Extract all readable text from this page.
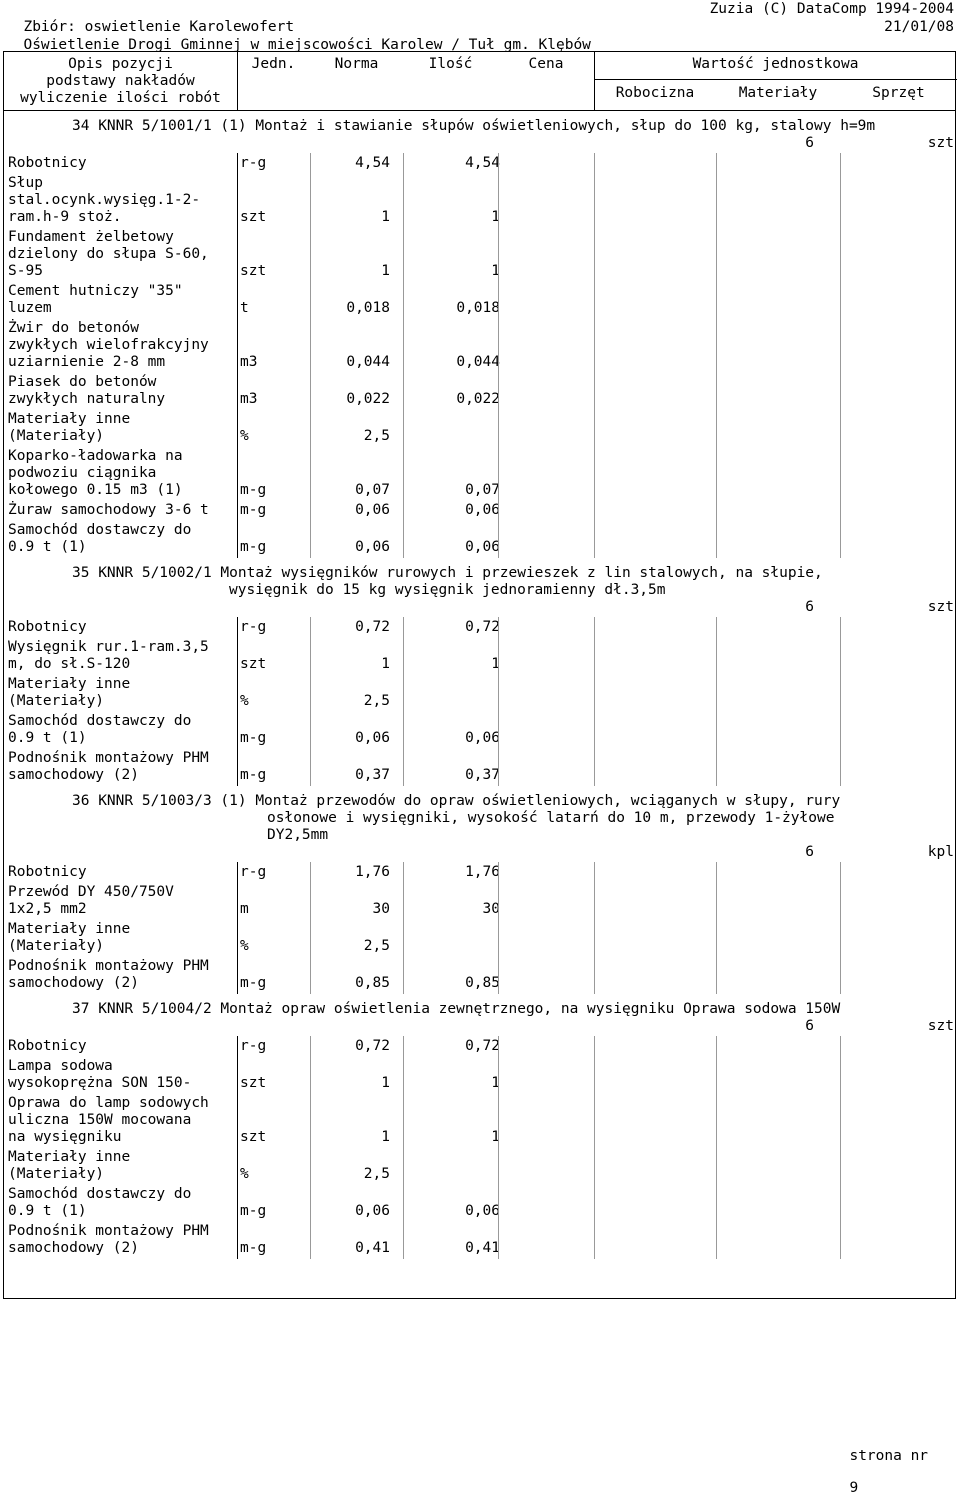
Zbiór: oswietlenie Karolewofert

Zuzia (C) DataComp 1994-2004

Oświetlenie Drogi Gminnej w miejscowości Karolew / Tuł gm. Klębów

21/01/08

Opis pozycji
podstawy nakładów
wyliczenie ilości robót
Jedn.	Norma	Ilość	Cena	Wartość jednostkowa
Robocizna	Materiały	Sprzęt
34 KNNR 5/1001/1 (1) Montaż i stawianie słupów oświetleniowych, słup do 100 kg, stalowy h=9m
6	szt
Robotnicy	r-g	4,54	4,54
Słup
stal.ocynk.wysięg.1-2-
ram.h-9 stoż.	szt	1	1
Fundament żelbetowy
dzielony do słupa S-60,
S-95	szt	1	1
Cement hutniczy "35"
luzem	t	0,018	0,018
Żwir do betonów
zwykłych wielofrakcyjny
uziarnienie 2-8 mm	m3	0,044	0,044
Piasek do betonów
zwykłych naturalny	m3	0,022	0,022
Materiały inne
(Materiały)	%	2,5
Koparko-ładowarka na
podwoziu ciągnika
kołowego 0.15 m3 (1)	m-g	0,07	0,07
Żuraw samochodowy 3-6 t m-g	0,06	0,06
Samochód dostawczy do
0.9 t (1)	m-g	0,06	0,06
35 KNNR 5/1002/1 Montaż wysięgników rurowych i przewieszek z lin stalowych, na słupie,
wysięgnik do 15 kg wysięgnik jednoramienny dł.3,5m
6	szt
Robotnicy	r-g	0,72	0,72
Wysięgnik rur.1-ram.3,5
m, do sł.S-120	szt	1	1
Materiały inne
(Materiały)	%	2,5
Samochód dostawczy do
0.9 t (1)	m-g	0,06	0,06
Podnośnik montażowy PHM
samochodowy (2)	m-g	0,37	0,37
36 KNNR 5/1003/3 (1) Montaż przewodów do opraw oświetleniowych, wciąganych w słupy, rury
osłonowe i wysięgniki, wysokość latarń do 10 m, przewody 1-żyłowe
DY2,5mm
6	kpl
Robotnicy	r-g	1,76	1,76
Przewód DY 450/750V
1x2,5 mm2	m	30	30
Materiały inne
(Materiały)	%	2,5
Podnośnik montażowy PHM
samochodowy (2)	m-g	0,85	0,85
37 KNNR 5/1004/2 Montaż opraw oświetlenia zewnętrznego, na wysięgniku Oprawa sodowa 150W
6	szt
Robotnicy	r-g	0,72	0,72
Lampa sodowa
wysokoprężna SON 150-	szt	1	1
Oprawa do lamp sodowych
uliczna 150W mocowana
na wysięgniku	szt	1	1
Materiały inne
(Materiały)	%	2,5
Samochód dostawczy do
0.9 t (1)	m-g	0,06	0,06
Podnośnik montażowy PHM
samochodowy (2)	m-g	0,41	0,41

strona nr

9
